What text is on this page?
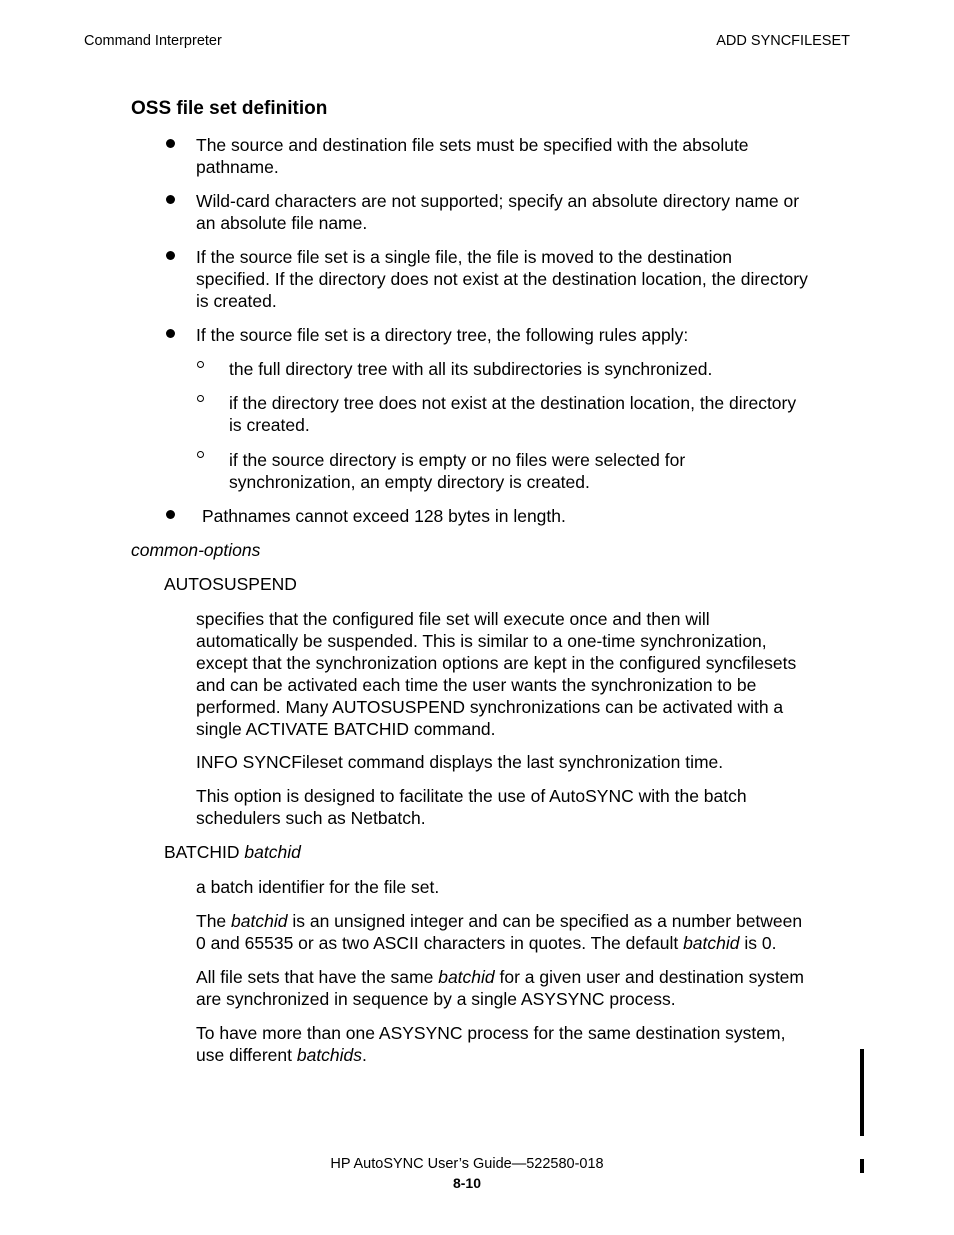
Command Interpreter	ADD SYNCFILESET
OSS file set definition
The source and destination file sets must be specified with the absolute
pathname.
Wild-card characters are not supported; specify an absolute directory name or
an absolute file name.
If the source file set is a single file, the file is moved to the destination
specified. If the directory does not exist at the destination location, the directory
is created.
If the source file set is a directory tree, the following rules apply:
the full directory tree with all its subdirectories is synchronized.
if the directory tree does not exist at the destination location, the directory
is created.
if the source directory is empty or no files were selected for
synchronization, an empty directory is created.
Pathnames cannot exceed 128 bytes in length.
common-options
AUTOSUSPEND
specifies that the configured file set will execute once and then will
automatically be suspended. This is similar to a one-time synchronization,
except that the synchronization options are kept in the configured syncfilesets
and can be activated each time the user wants the synchronization to be
performed. Many AUTOSUSPEND synchronizations can be activated with a
single ACTIVATE BATCHID command.
INFO SYNCFileset command displays the last synchronization time.
This option is designed to facilitate the use of AutoSYNC with the batch
schedulers such as Netbatch.
BATCHID batchid
a batch identifier for the file set.
The batchid is an unsigned integer and can be specified as a number between
0 and 65535 or as two ASCII characters in quotes. The default batchid is 0.
All file sets that have the same batchid for a given user and destination system
are synchronized in sequence by a single ASYSYNC process.
To have more than one ASYSYNC process for the same destination system,
use different batchids.
HP AutoSYNC User’s Guide—522580-018
8-10
